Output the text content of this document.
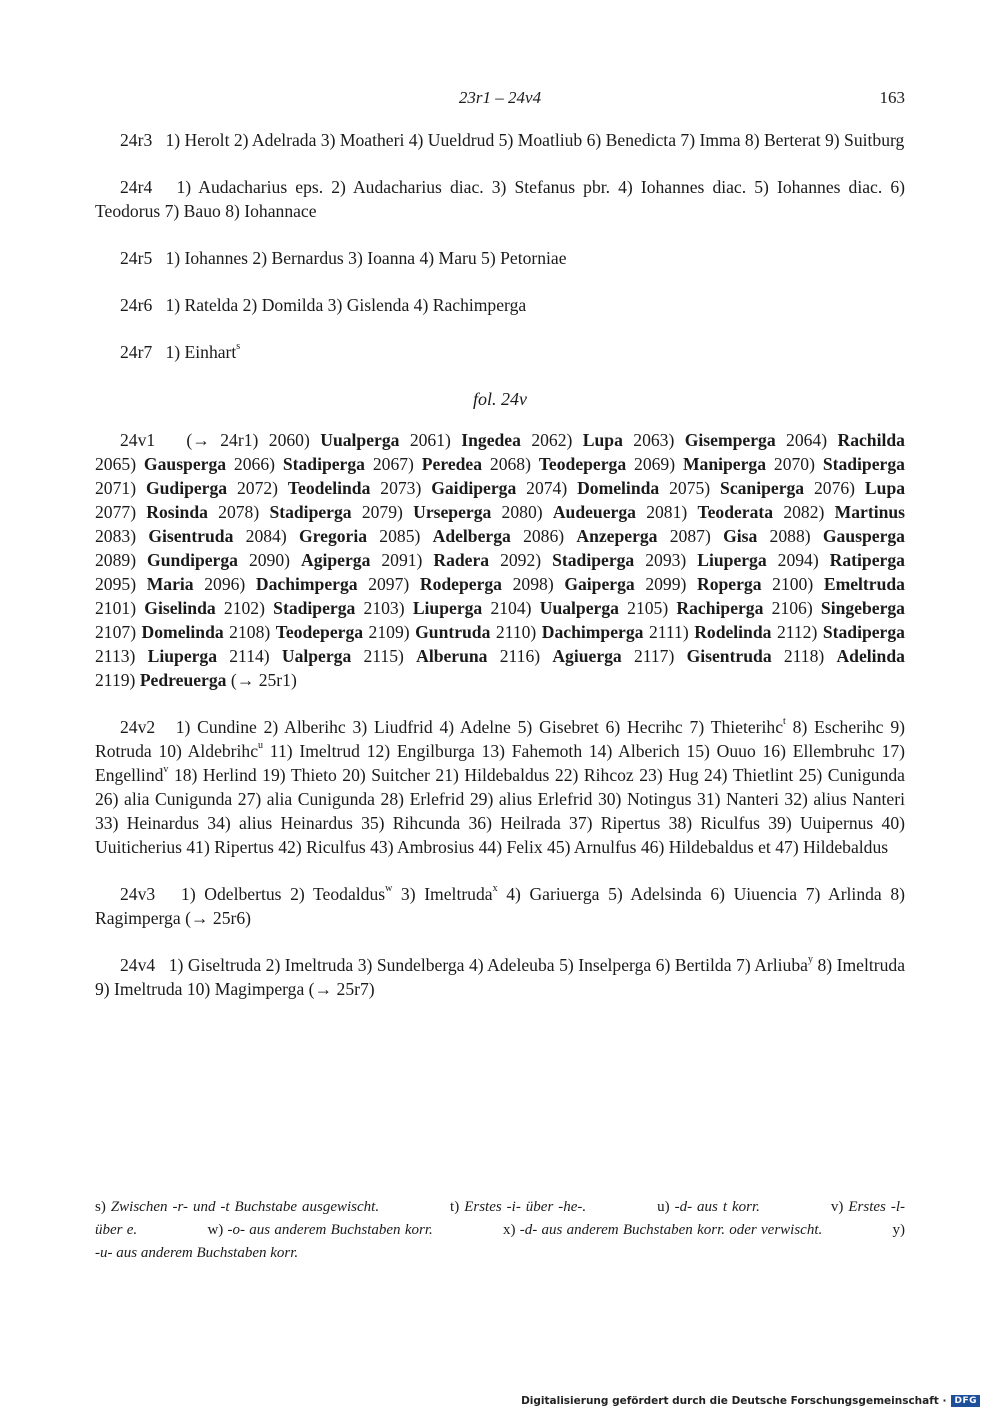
23r1 – 24v4	163

24r3 1) Herolt 2) Adelrada 3) Moatheri 4) Uueldrud 5) Moatliub 6) Benedicta 7) Imma 8) Berterat 9) Suitburg

24r4 1) Audacharius eps. 2) Audacharius diac. 3) Stefanus pbr. 4) Iohannes diac. 5) Iohannes diac. 6) Teodorus 7) Bauo 8) Iohannace

24r5 1) Iohannes 2) Bernardus 3) Ioanna 4) Maru 5) Petorniae

24r6 1) Ratelda 2) Domilda 3) Gislenda 4) Rachimperga

24r7 1) Einhart$^s$

fol. 24v

24v1 (→ 24r1) 2060) Uualperga 2061) Ingedea 2062) Lupa 2063) Gisemperga 2064) Rachilda 2065) Gausperga 2066) Stadiperga 2067) Peredea 2068) Teodeperga 2069) Maniperga 2070) Stadiperga 2071) Gudiperga 2072) Teodelinda 2073) Gaidiperga 2074) Domelinda 2075) Scaniperga 2076) Lupa 2077) Rosinda 2078) Stadiperga 2079) Urseperga 2080) Audeuerga 2081) Teoderata 2082) Martinus 2083) Gisentruda 2084) Gregoria 2085) Adelberga 2086) Anzeperga 2087) Gisa 2088) Gausperga 2089) Gundiperga 2090) Agiperga 2091) Radera 2092) Stadiperga 2093) Liuperga 2094) Ratiperga 2095) Maria 2096) Dachimperga 2097) Rodeperga 2098) Gaiperga 2099) Roperga 2100) Emeltruda 2101) Giselinda 2102) Stadiperga 2103) Liuperga 2104) Uualperga 2105) Rachiperga 2106) Singeberga 2107) Domelinda 2108) Teodeperga 2109) Guntruda 2110) Dachimperga 2111) Rodelinda 2112) Stadiperga 2113) Liuperga 2114) Ualperga 2115) Alberuna 2116) Agiuerga 2117) Gisentruda 2118) Adelinda 2119) Pedreuerga (→ 25r1)

24v2 1) Cundine 2) Alberihc 3) Liudfrid 4) Adelne 5) Gisebret 6) Hecrihc 7) Thieterihc$^t$ 8) Escherihc 9) Rotruda 10) Aldebrihc$^u$ 11) Imeltrud 12) Engilburga 13) Fahemoth 14) Alberich 15) Ouuo 16) Ellembruhc 17) Engellind$^v$ 18) Herlind 19) Thieto 20) Suitcher 21) Hildebaldus 22) Rihcoz 23) Hug 24) Thietlint 25) Cunigunda 26) alia Cunigunda 27) alia Cunigunda 28) Erlefrid 29) alius Erlefrid 30) Notingus 31) Nanteri 32) alius Nanteri 33) Heinardus 34) alius Heinardus 35) Rihcunda 36) Heilrada 37) Ripertus 38) Riculfus 39) Uuipernus 40) Uuiticherius 41) Ripertus 42) Riculfus 43) Ambrosius 44) Felix 45) Arnulfus 46) Hildebaldus et 47) Hildebaldus

24v3 1) Odelbertus 2) Teodaldus$^w$ 3) Imeltruda$^x$ 4) Gariuerga 5) Adelsinda 6) Uiuencia 7) Arlinda 8) Ragimperga (→ 25r6)

24v4 1) Giseltruda 2) Imeltruda 3) Sundelberga 4) Adeleuba 5) Inselperga 6) Bertilda 7) Arliuba$^y$ 8) Imeltruda 9) Imeltruda 10) Magimperga (→ 25r7)

s) Zwischen -r- und -t Buchstabe ausgewischt.	t) Erstes -i- über -he-.	u) -d- aus t korr.	v) Erstes -l- über e.	w) -o- aus anderem Buchstaben korr.	x) -d- aus anderem Buchstaben korr. oder verwischt.	y) -u- aus anderem Buchstaben korr.
Digitalisierung gefördert durch die Deutsche Forschungsgemeinschaft · DFG
